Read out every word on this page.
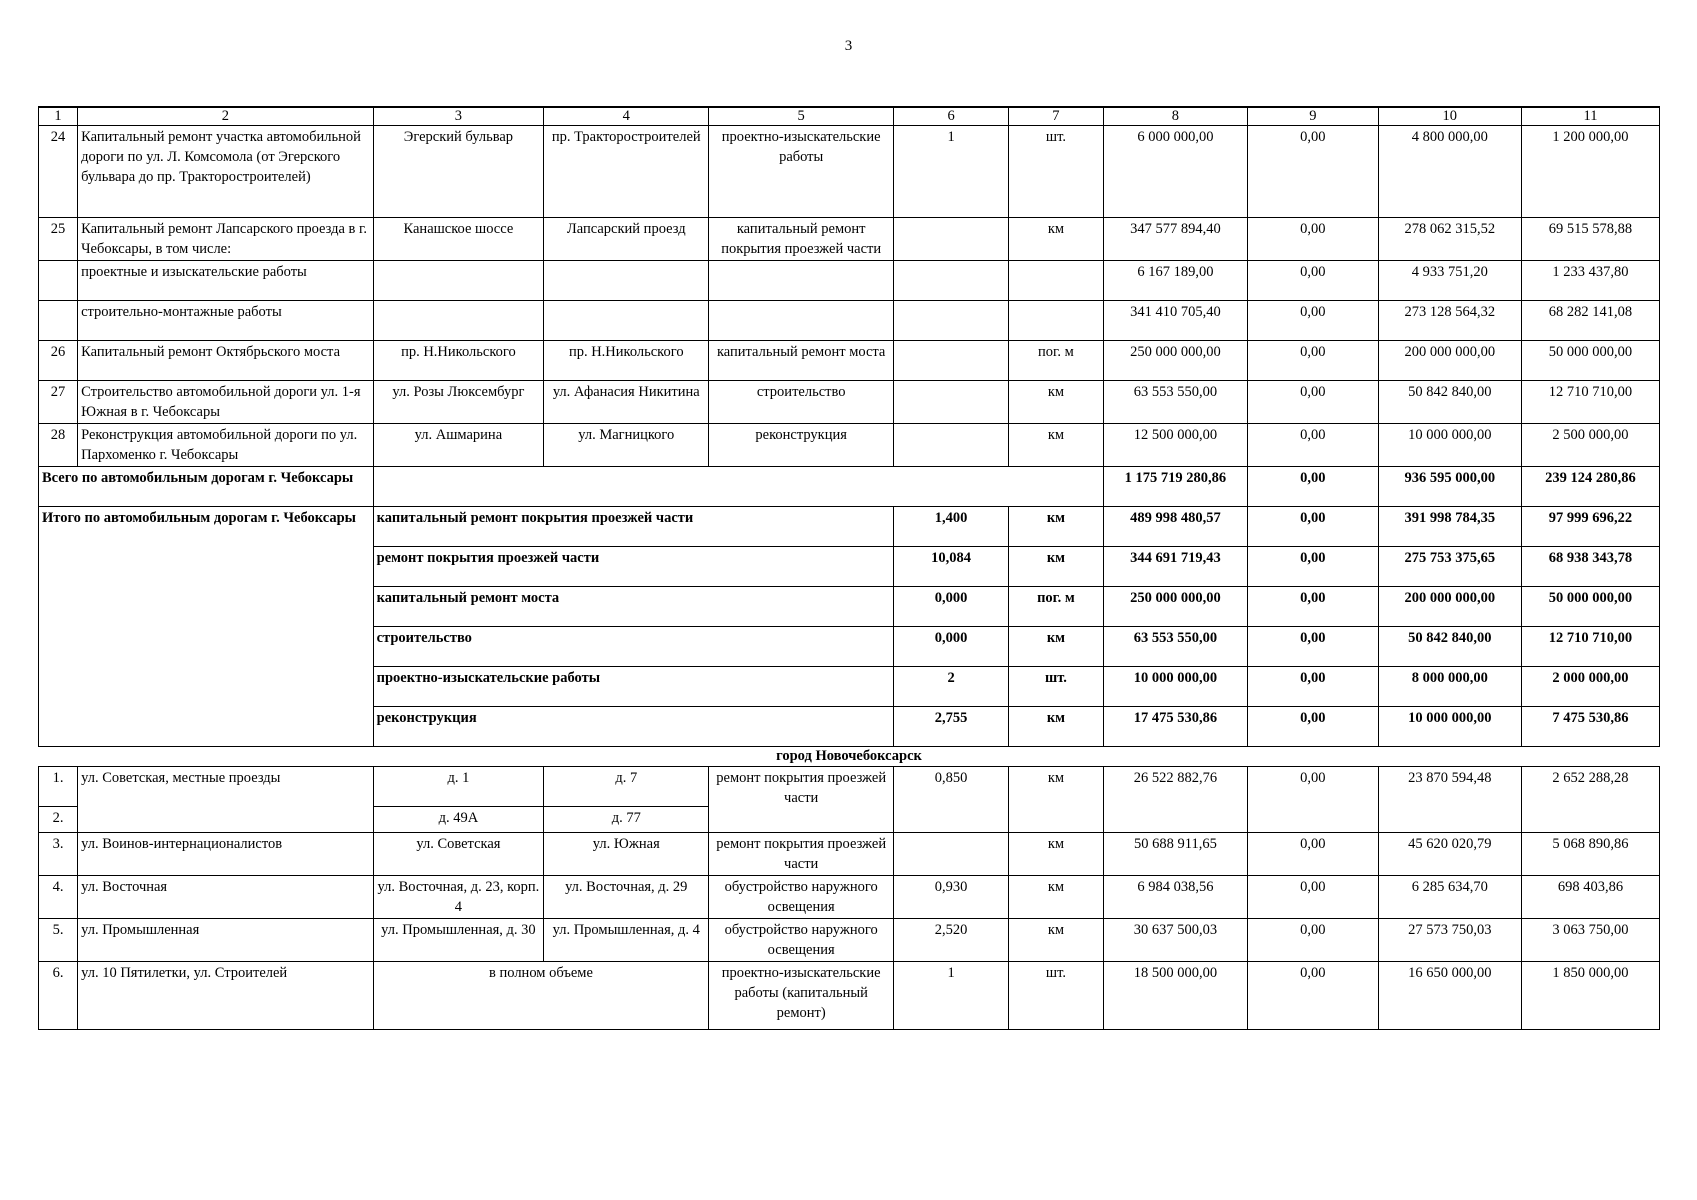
3
1	2	3	4	5	6	7	8	9	10	11
24	Капитальный ремонт участка автомобильной дороги по ул. Л. Комсомола (от Эгерского бульвара до пр. Тракторостроителей)	Эгерский бульвар	пр. Тракторостроителей	проектно-изыскательские работы	1	шт.	6 000 000,00	0,00	4 800 000,00	1 200 000,00
25	Капитальный ремонт Лапсарского проезда в г. Чебоксары, в том числе:	Канашское шоссе	Лапсарский проезд	капитальный ремонт покрытия проезжей части		км	347 577 894,40	0,00	278 062 315,52	69 515 578,88
	проектные и изыскательские работы						6 167 189,00	0,00	4 933 751,20	1 233 437,80
	строительно-монтажные работы						341 410 705,40	0,00	273 128 564,32	68 282 141,08
26	Капитальный ремонт Октябрьского моста	пр. Н.Никольского	пр. Н.Никольского	капитальный ремонт моста		пог. м	250 000 000,00	0,00	200 000 000,00	50 000 000,00
27	Строительство автомобильной дороги ул. 1-я Южная в г. Чебоксары	ул. Розы Люксембург	ул. Афанасия Никитина	строительство		км	63 553 550,00	0,00	50 842 840,00	12 710 710,00
28	Реконструкция автомобильной дороги по ул. Пархоменко г. Чебоксары	ул. Ашмарина	ул. Магницкого	реконструкция		км	12 500 000,00	0,00	10 000 000,00	2 500 000,00
Всего по автомобильным дорогам г. Чебоксары							1 175 719 280,86	0,00	936 595 000,00	239 124 280,86
Итого по автомобильным дорогам г. Чебоксары		капитальный ремонт покрытия проезжей части			1,400	км	489 998 480,57	0,00	391 998 784,35	97 999 696,22
		ремонт покрытия проезжей части			10,084	км	344 691 719,43	0,00	275 753 375,65	68 938 343,78
		капитальный ремонт моста			0,000	пог. м	250 000 000,00	0,00	200 000 000,00	50 000 000,00
		строительство			0,000	км	63 553 550,00	0,00	50 842 840,00	12 710 710,00
		проектно-изыскательские работы			2	шт.	10 000 000,00	0,00	8 000 000,00	2 000 000,00
		реконструкция			2,755	км	17 475 530,86	0,00	10 000 000,00	7 475 530,86
город Новочебоксарск										
1.	ул. Советская, местные проезды	д. 1	д. 7	ремонт покрытия проезжей части	0,850	км	26 522 882,76	0,00	23 870 594,48	2 652 288,28
2.		д. 49А	д. 77							
3.	ул. Воинов-интернационалистов	ул. Советская	ул. Южная	ремонт покрытия проезжей части		км	50 688 911,65	0,00	45 620 020,79	5 068 890,86
4.	ул. Восточная	ул. Восточная, д. 23, корп. 4	ул. Восточная, д. 29	обустройство наружного освещения	0,930	км	6 984 038,56	0,00	6 285 634,70	698 403,86
5.	ул. Промышленная	ул. Промышленная, д. 30	ул. Промышленная, д. 4	обустройство наружного освещения	2,520	км	30 637 500,03	0,00	27 573 750,03	3 063 750,00
6.	ул. 10 Пятилетки, ул. Строителей	в полном объеме		проектно-изыскательские работы (капитальный ремонт)	1	шт.	18 500 000,00	0,00	16 650 000,00	1 850 000,00
